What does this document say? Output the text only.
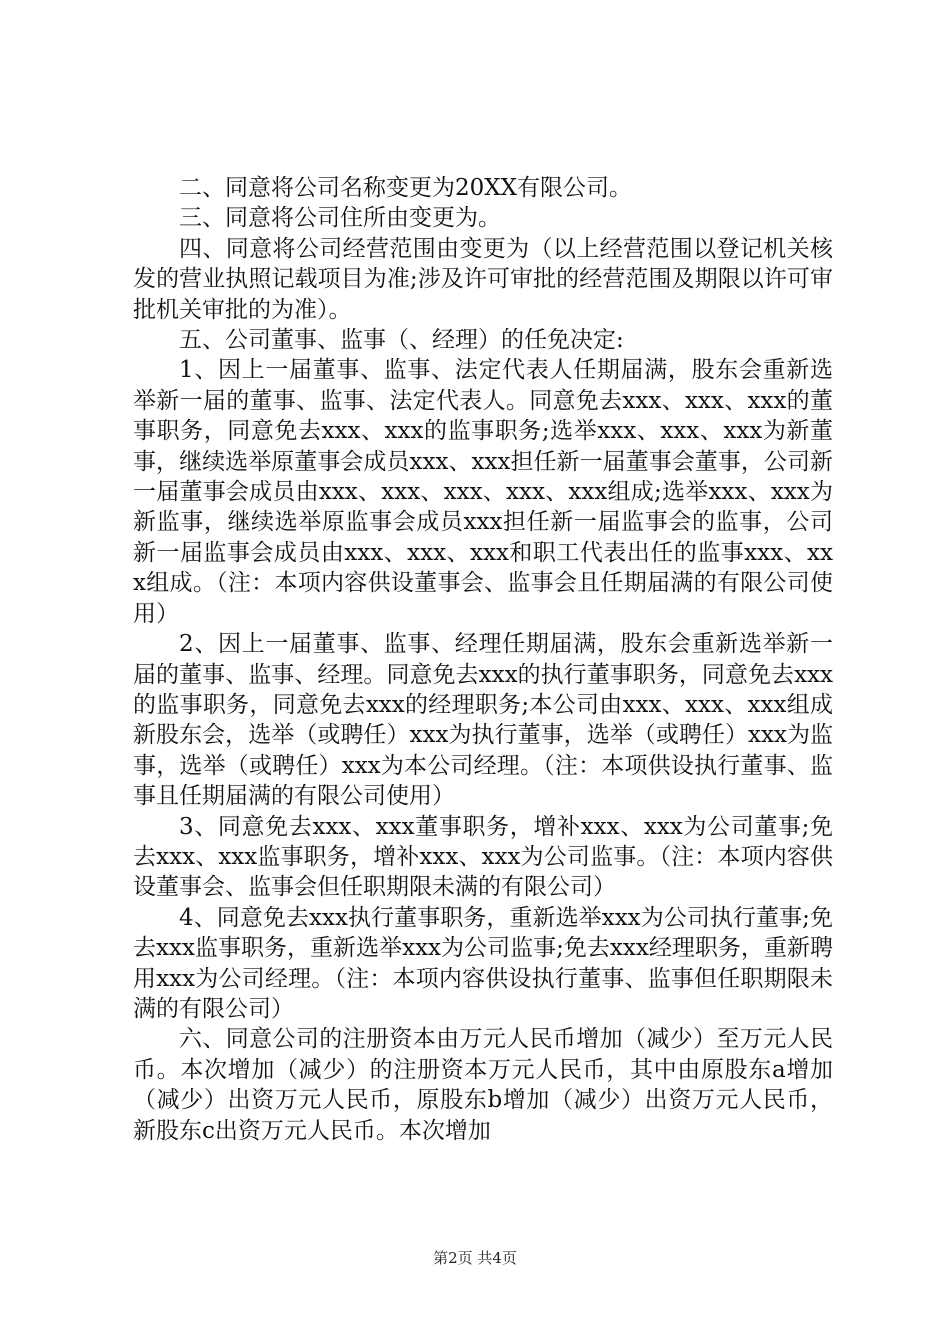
二、同意将公司名称变更为20XX有限公司。

三、同意将公司住所由变更为。

四、同意将公司经营范围由变更为（以上经营范围以登记机关核发的营业执照记载项目为准;涉及许可审批的经营范围及期限以许可审批机关审批的为准）。

五、公司董事、监事（、经理）的任免决定:

1、因上一届董事、监事、法定代表人任期届满，股东会重新选举新一届的董事、监事、法定代表人。同意免去xxx、xxx、xxx的董事职务，同意免去xxx、xxx的监事职务;选举xxx、xxx、xxx为新董事，继续选举原董事会成员xxx、xxx担任新一届董事会董事，公司新一届董事会成员由xxx、xxx、xxx、xxx、xxx组成;选举xxx、xxx为新监事，继续选举原监事会成员xxx担任新一届监事会的监事，公司新一届监事会成员由xxx、xxx、xxx和职工代表出任的监事xxx、xxx组成。（注：本项内容供设董事会、监事会且任期届满的有限公司使用）

2、因上一届董事、监事、经理任期届满，股东会重新选举新一届的董事、监事、经理。同意免去xxx的执行董事职务，同意免去xxx的监事职务，同意免去xxx的经理职务;本公司由xxx、xxx、xxx组成新股东会，选举（或聘任）xxx为执行董事，选举（或聘任）xxx为监事，选举（或聘任）xxx为本公司经理。（注：本项供设执行董事、监事且任期届满的有限公司使用）

3、同意免去xxx、xxx董事职务，增补xxx、xxx为公司董事;免去xxx、xxx监事职务，增补xxx、xxx为公司监事。（注：本项内容供设董事会、监事会但任职期限未满的有限公司）

4、同意免去xxx执行董事职务，重新选举xxx为公司执行董事;免去xxx监事职务，重新选举xxx为公司监事;免去xxx经理职务，重新聘用xxx为公司经理。（注：本项内容供设执行董事、监事但任职期限未满的有限公司）

六、同意公司的注册资本由万元人民币增加（减少）至万元人民币。本次增加（减少）的注册资本万元人民币，其中由原股东a增加（减少）出资万元人民币，原股东b增加（减少）出资万元人民币，新股东c出资万元人民币。本次增加

第2页 共4页
